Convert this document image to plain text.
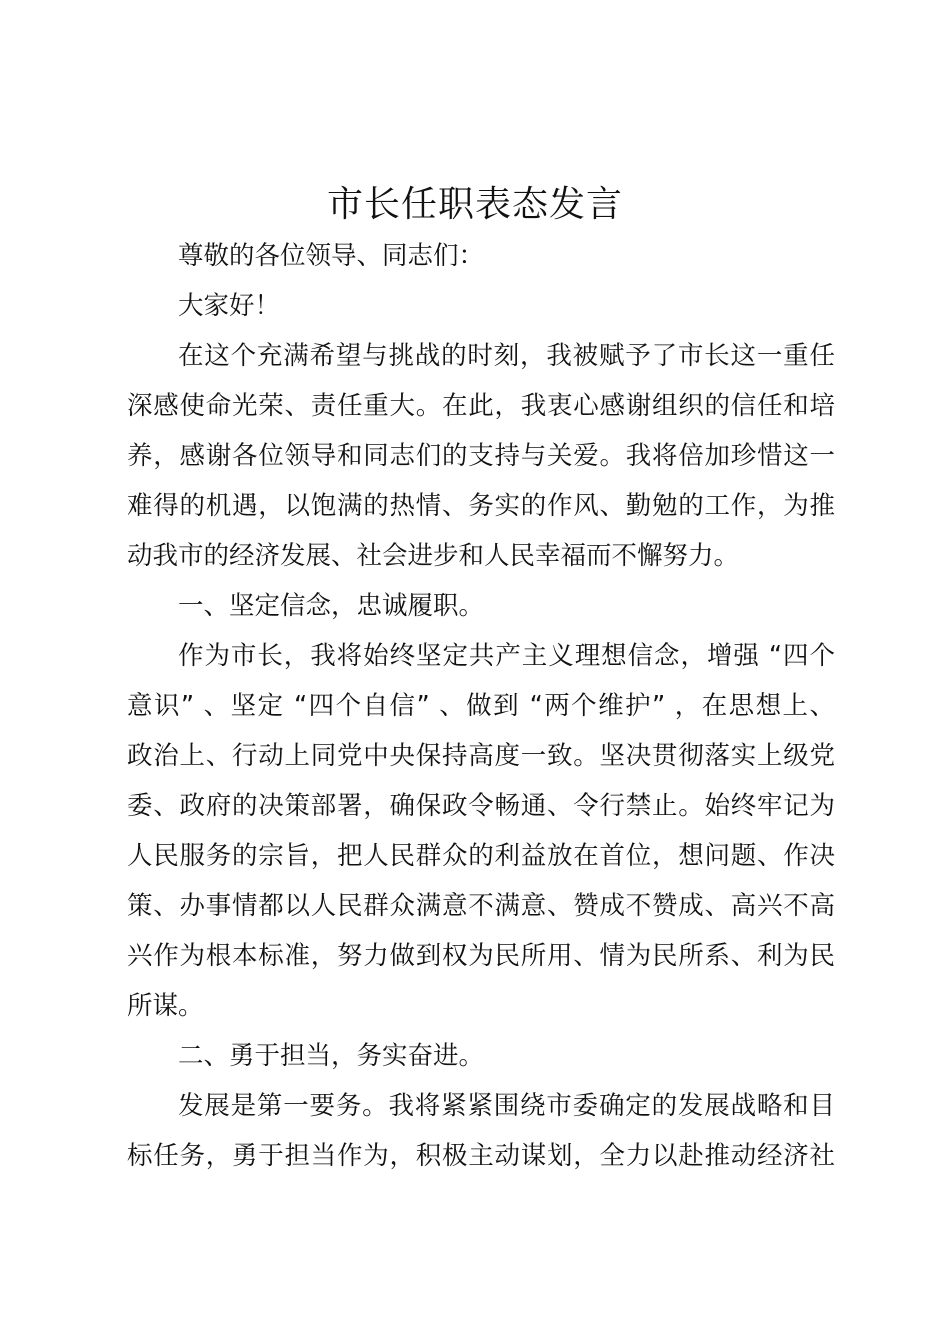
市长任职表态发言
尊敬的各位领导、同志们：
大家好！
在这个充满希望与挑战的时刻，我被赋予了市长这一重任
深感使命光荣、责任重大。在此，我衷心感谢组织的信任和培
养，感谢各位领导和同志们的支持与关爱。我将倍加珍惜这一
难得的机遇，以饱满的热情、务实的作风、勤勉的工作，为推
动我市的经济发展、社会进步和人民幸福而不懈努力。
一、坚定信念，忠诚履职。
作为市长，我将始终坚定共产主义理想信念，增强 “四个
意识” 、坚定 “四个自信” 、做到 “两个维护” ，在思想上、
政治上、行动上同党中央保持高度一致。坚决贯彻落实上级党
委、政府的决策部署，确保政令畅通、令行禁止。始终牢记为
人民服务的宗旨，把人民群众的利益放在首位，想问题、作决
策、办事情都以人民群众满意不满意、赞成不赞成、高兴不高
兴作为根本标准，努力做到权为民所用、情为民所系、利为民
所谋。
二、勇于担当，务实奋进。
发展是第一要务。我将紧紧围绕市委确定的发展战略和目
标任务，勇于担当作为，积极主动谋划，全力以赴推动经济社
